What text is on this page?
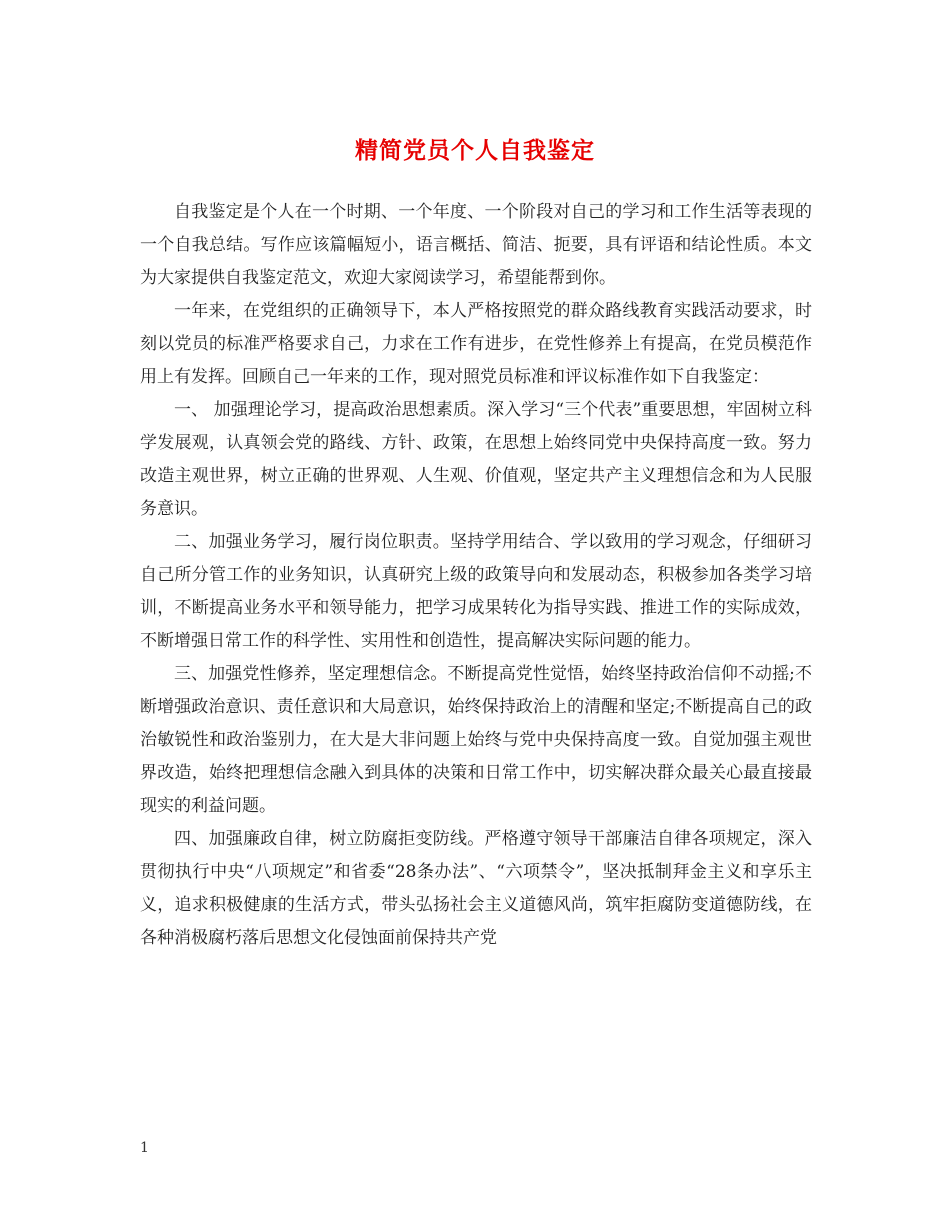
精简党员个人自我鉴定

自我鉴定是个人在一个时期、一个年度、一个阶段对自己的学习和工作生活等表现的一个自我总结。写作应该篇幅短小，语言概括、简洁、扼要，具有评语和结论性质。本文为大家提供自我鉴定范文，欢迎大家阅读学习，希望能帮到你。

一年来，在党组织的正确领导下，本人严格按照党的群众路线教育实践活动要求，时刻以党员的标准严格要求自己，力求在工作有进步，在党性修养上有提高，在党员模范作用上有发挥。回顾自己一年来的工作，现对照党员标准和评议标准作如下自我鉴定：

一、 加强理论学习，提高政治思想素质。深入学习“三个代表”重要思想，牢固树立科学发展观，认真领会党的路线、方针、政策，在思想上始终同党中央保持高度一致。努力改造主观世界，树立正确的世界观、人生观、价值观，坚定共产主义理想信念和为人民服务意识。

二、加强业务学习，履行岗位职责。坚持学用结合、学以致用的学习观念，仔细研习自己所分管工作的业务知识，认真研究上级的政策导向和发展动态，积极参加各类学习培训，不断提高业务水平和领导能力，把学习成果转化为指导实践、推进工作的实际成效，不断增强日常工作的科学性、实用性和创造性，提高解决实际问题的能力。

三、加强党性修养，坚定理想信念。不断提高党性觉悟，始终坚持政治信仰不动摇;不断增强政治意识、责任意识和大局意识，始终保持政治上的清醒和坚定;不断提高自己的政治敏锐性和政治鉴别力，在大是大非问题上始终与党中央保持高度一致。自觉加强主观世界改造，始终把理想信念融入到具体的决策和日常工作中，切实解决群众最关心最直接最现实的利益问题。

四、加强廉政自律，树立防腐拒变防线。严格遵守领导干部廉洁自律各项规定，深入贯彻执行中央“八项规定”和省委“28条办法”、“六项禁令”，坚决抵制拜金主义和享乐主义，追求积极健康的生活方式，带头弘扬社会主义道德风尚，筑牢拒腐防变道德防线，在各种消极腐朽落后思想文化侵蚀面前保持共产党

1
